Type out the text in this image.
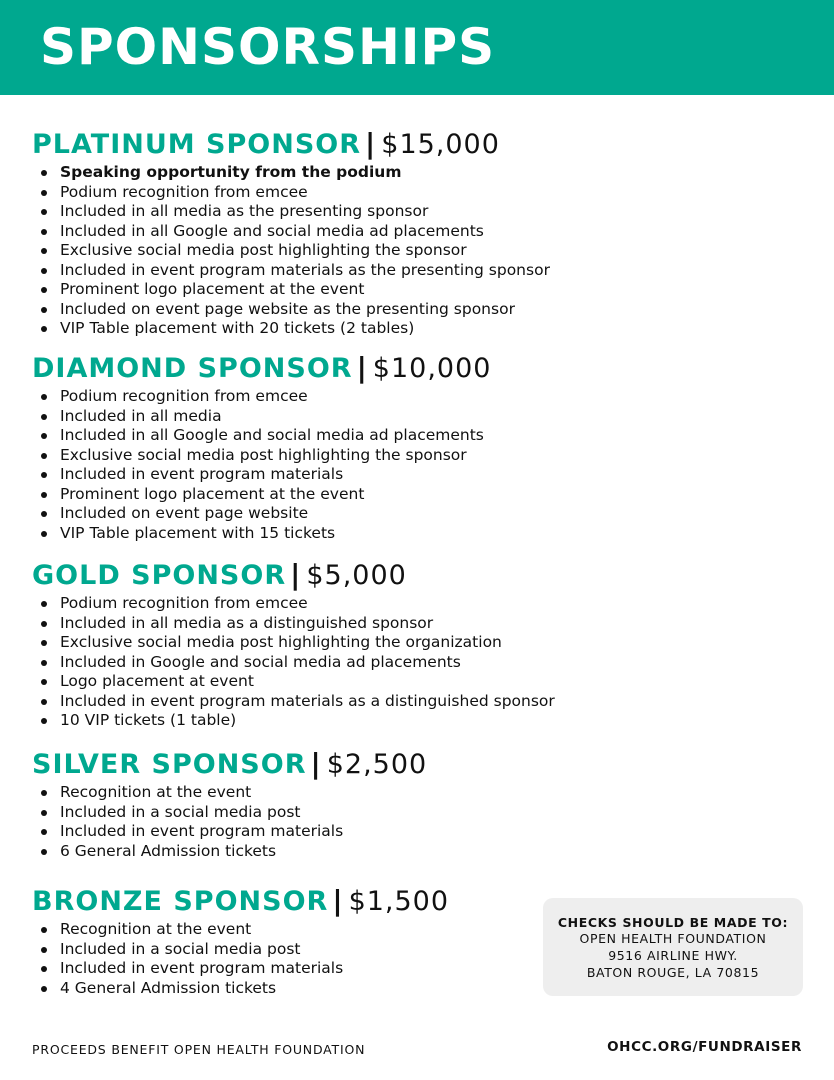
SPONSORSHIPS
PLATINUM SPONSOR | $15,000
Speaking opportunity from the podium
Podium recognition from emcee
Included in all media as the presenting sponsor
Included in all Google and social media ad placements
Exclusive social media post highlighting the sponsor
Included in event program materials as the presenting sponsor
Prominent logo placement at the event
Included on event page website as the presenting sponsor
VIP Table placement with 20 tickets (2 tables)
DIAMOND SPONSOR | $10,000
Podium recognition from emcee
Included in all media
Included in all Google and social media ad placements
Exclusive social media post highlighting the sponsor
Included in event program materials
Prominent logo placement at the event
Included on event page website
VIP Table placement with 15 tickets
GOLD SPONSOR | $5,000
Podium recognition from emcee
Included in all media as a distinguished sponsor
Exclusive social media post highlighting the organization
Included in Google and social media ad placements
Logo placement at event
Included in event program materials as a distinguished sponsor
10 VIP tickets (1 table)
SILVER SPONSOR | $2,500
Recognition at the event
Included in a social media post
Included in event program materials
6 General Admission tickets
BRONZE SPONSOR | $1,500
Recognition at the event
Included in a social media post
Included in event program materials
4 General Admission tickets
CHECKS SHOULD BE MADE TO:
OPEN HEALTH FOUNDATION
9516 AIRLINE HWY.
BATON ROUGE, LA 70815
PROCEEDS BENEFIT OPEN HEALTH FOUNDATION	OHCC.ORG/FUNDRAISER
